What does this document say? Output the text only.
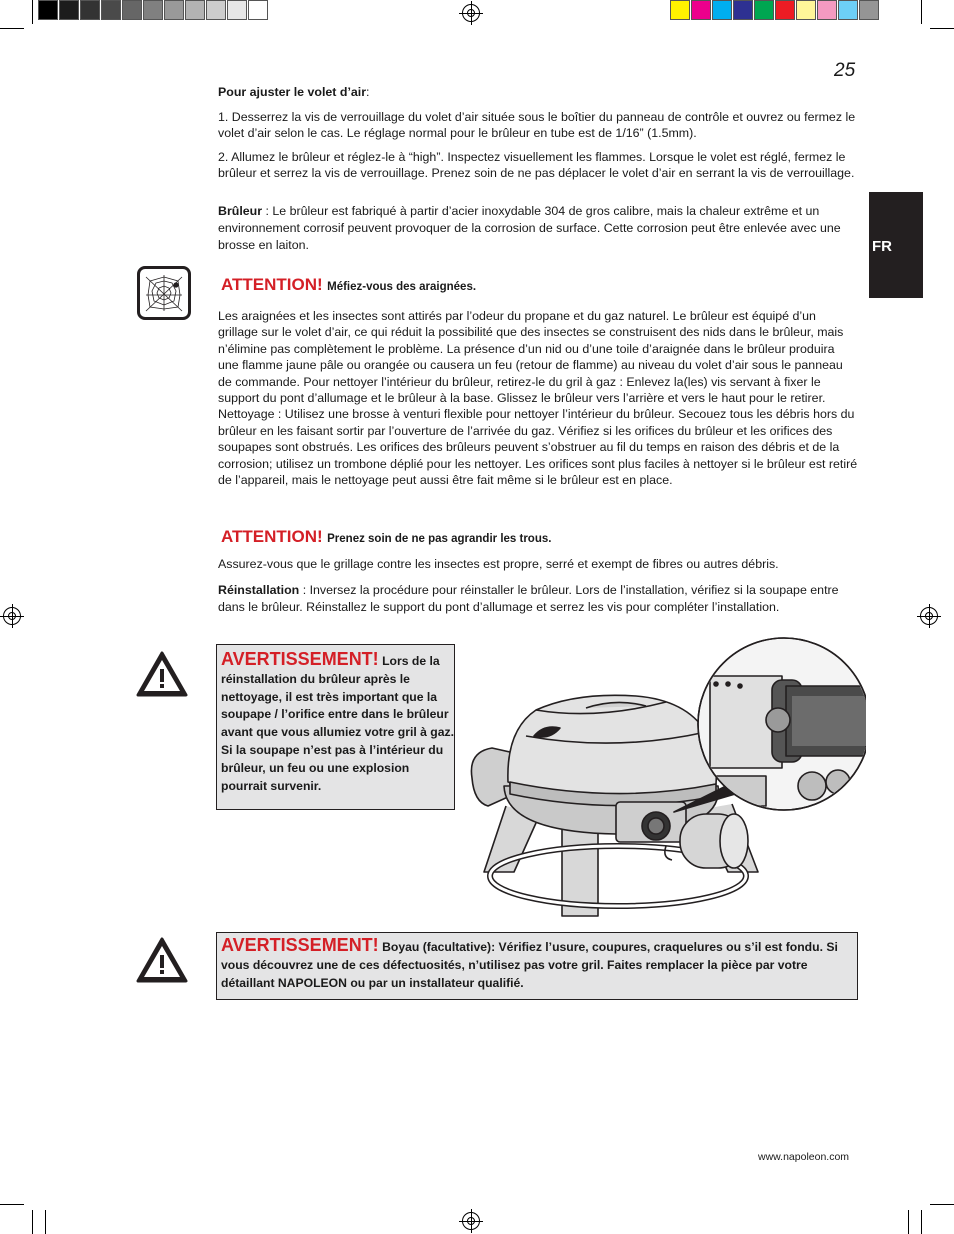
25
FR
Pour ajuster le volet d’air:
1. Desserrez la vis de verrouillage du volet d’air située sous le boîtier du panneau de contrôle et ouvrez ou fermez le volet d’air selon le cas. Le réglage normal pour le brûleur en tube est de 1/16” (1.5mm).
2. Allumez le brûleur et réglez-le à “high”. Inspectez visuellement les flammes. Lorsque le volet est réglé, fermez le brûleur et serrez la vis de verrouillage. Prenez soin de ne pas déplacer le volet d’air en serrant la vis de verrouillage.
Brûleur : Le brûleur est fabriqué à partir d’acier inoxydable 304 de gros calibre, mais la chaleur extrême et un environnement corrosif peuvent provoquer de la corrosion de surface. Cette corrosion peut être enlevée avec une brosse en laiton.
ATTENTION! Méfiez-vous des araignées.
Les araignées et les insectes sont attirés par l’odeur du propane et du gaz naturel. Le brûleur est équipé d’un grillage sur le volet d’air, ce qui réduit la possibilité que des insectes se construisent des nids dans le brûleur, mais n’élimine pas complètement le problème. La présence d’un nid ou d’une toile d’araignée dans le brûleur produira une flamme jaune pâle ou orangée ou causera un feu (retour de flamme) au niveau du volet d’air sous le panneau de commande. Pour nettoyer l’intérieur du brûleur, retirez-le du gril à gaz : Enlevez la(les) vis servant à fixer le support du pont d’allumage et le brûleur à la base. Glissez le brûleur vers l’arrière et vers le haut pour le retirer. Nettoyage : Utilisez une brosse à venturi flexible pour nettoyer l’intérieur du brûleur. Secouez tous les débris hors du brûleur en les faisant sortir par l’ouverture de l’arrivée du gaz. Vérifiez si les orifices du brûleur et les orifices des soupapes sont obstrués. Les orifices des brûleurs peuvent s’obstruer au fil du temps en raison des débris et de la corrosion; utilisez un trombone déplié pour les nettoyer. Les orifices sont plus faciles à nettoyer si le brûleur est retiré de l’appareil, mais le nettoyage peut aussi être fait même si le brûleur est en place.
ATTENTION! Prenez soin de ne pas agrandir les trous.
Assurez-vous que le grillage contre les insectes est propre, serré et exempt de fibres ou autres débris.
Réinstallation : Inversez la procédure pour réinstaller le brûleur. Lors de l’installation, vérifiez si la soupape entre dans le brûleur. Réinstallez le support du pont d’allumage et serrez les vis pour compléter l’installation.
AVERTISSEMENT! Lors de la réinstallation du brûleur après le nettoyage, il est très important que la soupape / l’orifice entre dans le brûleur avant que vous allumiez votre gril à gaz. Si la soupape n’est pas à l’intérieur du brûleur, un feu ou une explosion pourrait survenir.
AVERTISSEMENT! Boyau (facultative): Vérifiez l’usure, coupures, craquelures ou s’il est fondu. Si vous découvrez une de ces défectuosités, n’utilisez pas votre gril. Faites remplacer la pièce par votre détaillant NAPOLEON ou par un installateur qualifié.
www.napoleon.com
